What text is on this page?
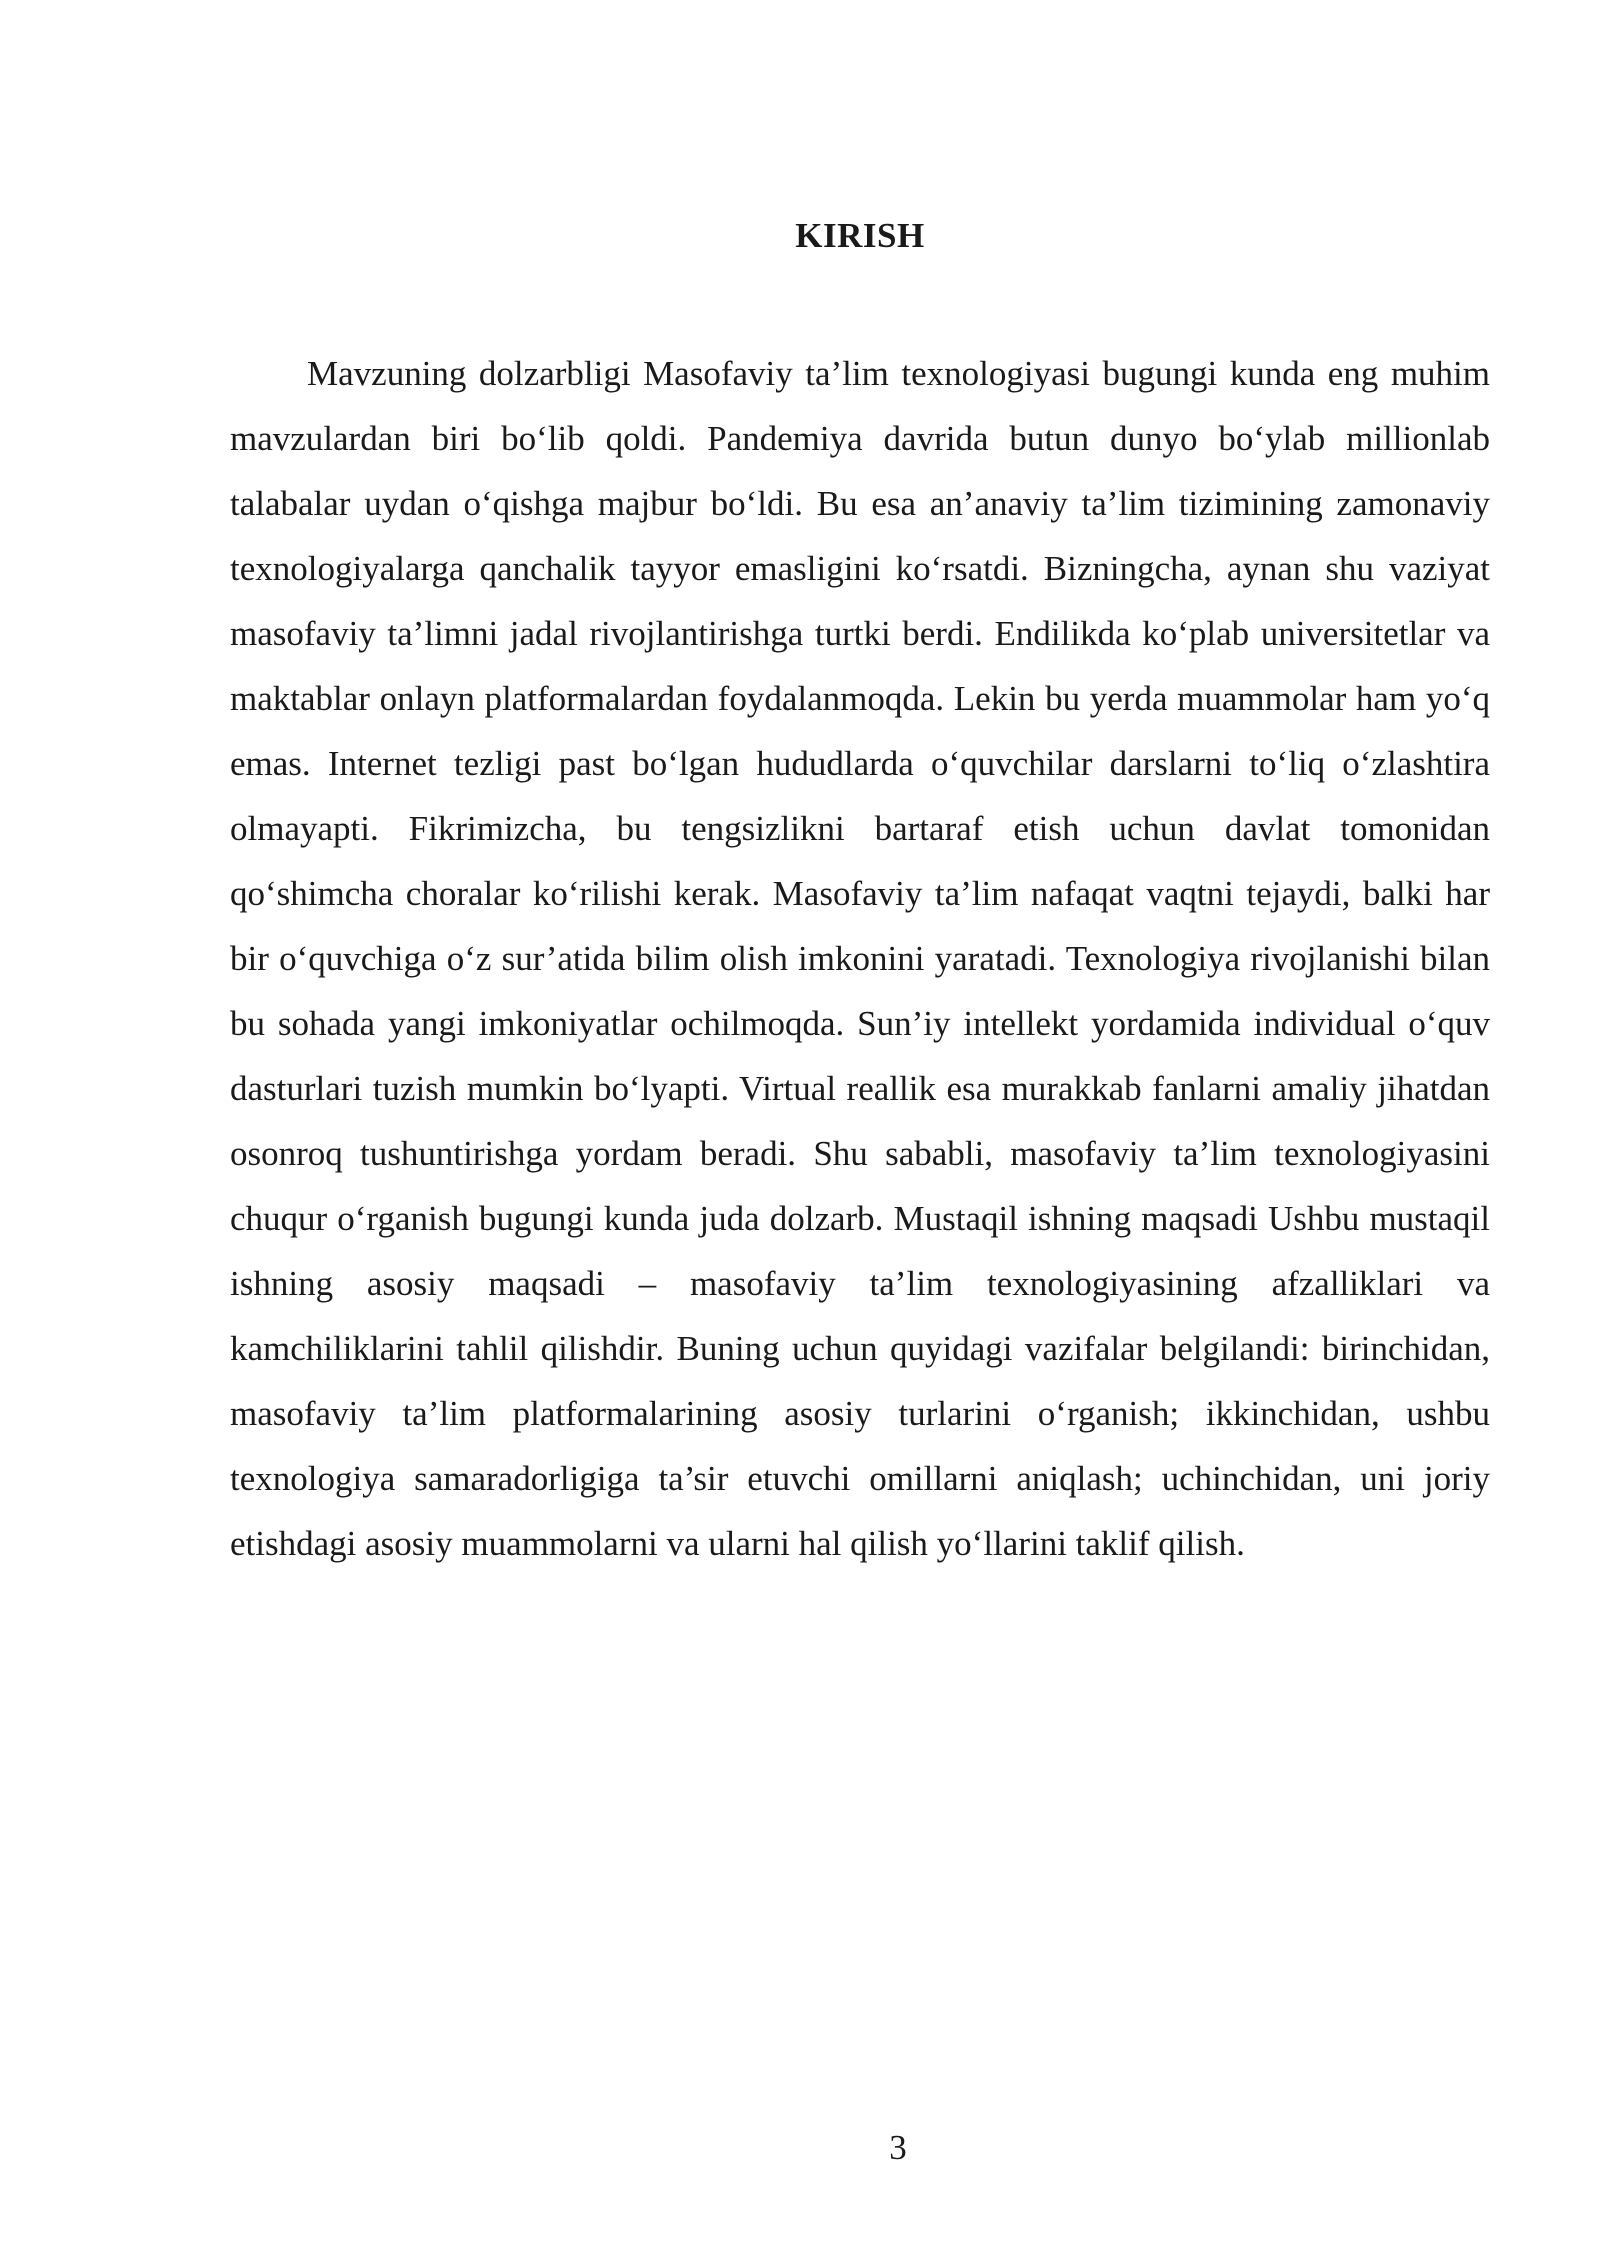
KIRISH

Mavzuning dolzarbligi Masofaviy ta’lim texnologiyasi bugungi kunda eng muhim mavzulardan biri bo‘lib qoldi. Pandemiya davrida butun dunyo bo‘ylab millionlab talabalar uydan o‘qishga majbur bo‘ldi. Bu esa an’anaviy ta’lim tizimining zamonaviy texnologiyalarga qanchalik tayyor emasligini ko‘rsatdi. Bizningcha, aynan shu vaziyat masofaviy ta’limni jadal rivojlantirishga turtki berdi. Endilikda ko‘plab universitetlar va maktablar onlayn platformalardan foydalanmoqda. Lekin bu yerda muammolar ham yo‘q emas. Internet tezligi past bo‘lgan hududlarda o‘quvchilar darslarni to‘liq o‘zlashtira olmayapti. Fikrimizcha, bu tengsizlikni bartaraf etish uchun davlat tomonidan qo‘shimcha choralar ko‘rilishi kerak. Masofaviy ta’lim nafaqat vaqtni tejaydi, balki har bir o‘quvchiga o‘z sur’atida bilim olish imkonini yaratadi. Texnologiya rivojlanishi bilan bu sohada yangi imkoniyatlar ochilmoqda. Sun’iy intellekt yordamida individual o‘quv dasturlari tuzish mumkin bo‘lyapti. Virtual reallik esa murakkab fanlarni amaliy jihatdan osonroq tushuntirishga yordam beradi. Shu sababli, masofaviy ta’lim texnologiyasini chuqur o‘rganish bugungi kunda juda dolzarb. Mustaqil ishning maqsadi Ushbu mustaqil ishning asosiy maqsadi – masofaviy ta’lim texnologiyasining afzalliklari va kamchiliklarini tahlil qilishdir. Buning uchun quyidagi vazifalar belgilandi: birinchidan, masofaviy ta’lim platformalarining asosiy turlarini o‘rganish; ikkinchidan, ushbu texnologiya samaradorligiga ta’sir etuvchi omillarni aniqlash; uchinchidan, uni joriy etishdagi asosiy muammolarni va ularni hal qilish yo‘llarini taklif qilish.

3
